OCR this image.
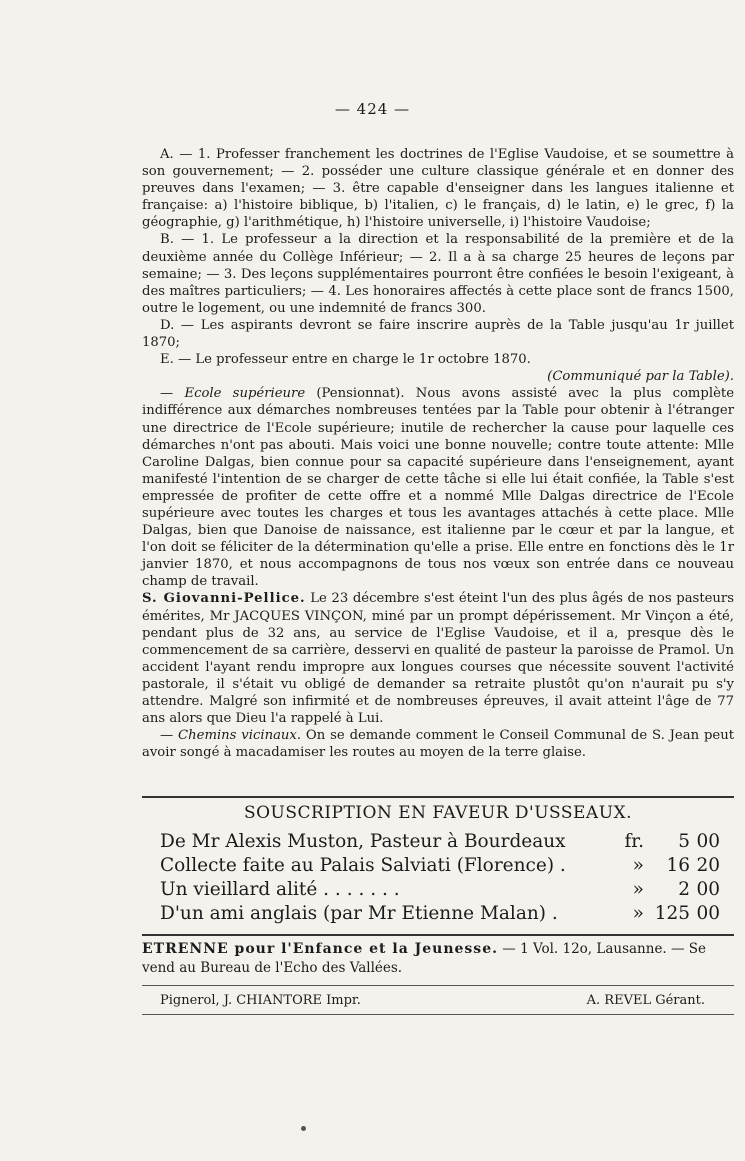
— 424 —

A. — 1. Professer franchement les doctrines de l'Eglise Vaudoise, et se soumettre à son gouvernement; — 2. posséder une culture classique générale et en donner des preuves dans l'examen; — 3. être capable d'enseigner dans les langues italienne et française: a) l'histoire biblique, b) l'italien, c) le français, d) le latin, e) le grec, f) la géographie, g) l'arithmétique, h) l'histoire universelle, i) l'histoire Vaudoise;

B. — 1. Le professeur a la direction et la responsabilité de la première et de la deuxième année du Collège Inférieur; — 2. Il a à sa charge 25 heures de leçons par semaine; — 3. Des leçons supplémentaires pourront être confiées le besoin l'exigeant, à des maîtres particuliers; — 4. Les honoraires affectés à cette place sont de francs 1500, outre le logement, ou une indemnité de francs 300.

D. — Les aspirants devront se faire inscrire auprès de la Table jusqu'au 1r juillet 1870;

E. — Le professeur entre en charge le 1r octobre 1870.

(Communiqué par la Table).

— Ecole supérieure (Pensionnat). Nous avons assisté avec la plus complète indifférence aux démarches nombreuses tentées par la Table pour obtenir à l'étranger une directrice de l'Ecole supérieure; inutile de rechercher la cause pour laquelle ces démarches n'ont pas abouti. Mais voici une bonne nouvelle; contre toute attente: Mlle Caroline Dalgas, bien connue pour sa capacité supérieure dans l'enseignement, ayant manifesté l'intention de se charger de cette tâche si elle lui était confiée, la Table s'est empressée de profiter de cette offre et a nommé Mlle Dalgas directrice de l'Ecole supérieure avec toutes les charges et tous les avantages attachés à cette place. Mlle Dalgas, bien que Danoise de naissance, est italienne par le cœur et par la langue, et l'on doit se féliciter de la détermination qu'elle a prise. Elle entre en fonctions dès le 1r janvier 1870, et nous accompagnons de tous nos vœux son entrée dans ce nouveau champ de travail.

S. Giovanni-Pellice. Le 23 décembre s'est éteint l'un des plus âgés de nos pasteurs émérites, Mr JACQUES VINÇON, miné par un prompt dépérissement. Mr Vinçon a été, pendant plus de 32 ans, au service de l'Eglise Vaudoise, et il a, presque dès le commencement de sa carrière, desservi en qualité de pasteur la paroisse de Pramol. Un accident l'ayant rendu impropre aux longues courses que nécessite souvent l'activité pastorale, il s'était vu obligé de demander sa retraite plustôt qu'on n'aurait pu s'y attendre. Malgré son infirmité et de nombreuses épreuves, il avait atteint l'âge de 77 ans alors que Dieu l'a rappelé à Lui.

— Chemins vicinaux. On se demande comment le Conseil Communal de S. Jean peut avoir songé à macadamiser les routes au moyen de la terre glaise.

SOUSCRIPTION EN FAVEUR D'USSEAUX.
De Mr Alexis Muston, Pasteur à Bourdeaux	fr.	5 00
Collecte faite au Palais Salviati (Florence) .	»	16 20
Un vieillard alité . . . . . . .	»	2 00
D'un ami anglais (par Mr Etienne Malan) .	» 125 00
ETRENNE pour l'Enfance et la Jeunesse. — 1 Vol. 12o, Lausanne. — Se vend au Bureau de l'Echo des Vallées.
Pignerol, J. CHIANTORE Impr.	A. REVEL Gérant.
